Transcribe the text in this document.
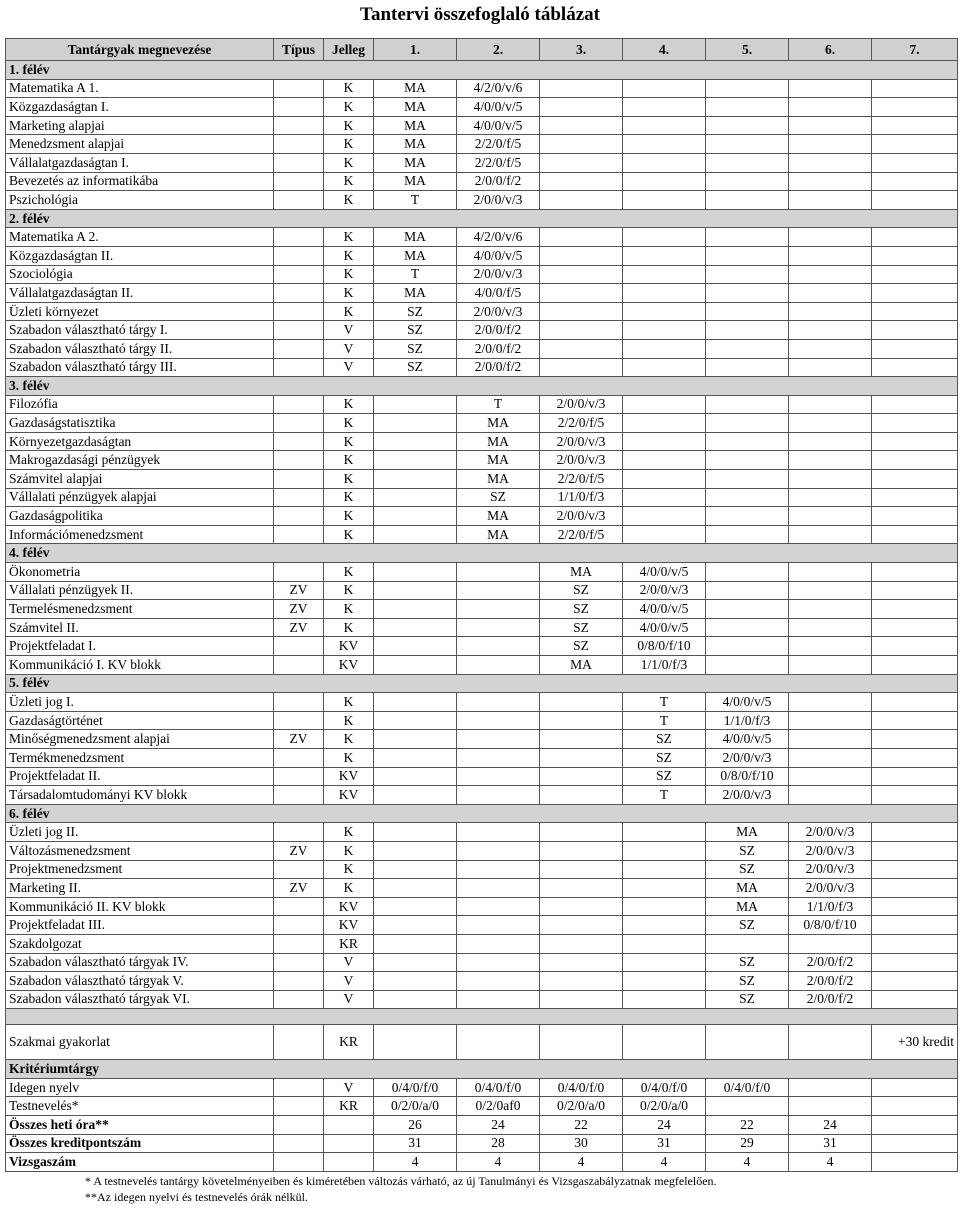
Tantervi összefoglaló táblázat
Tantárgyak megnevezése	Típus	Jelleg	1.	2.	3.	4.	5.	6.	7.
1. félév									
Matematika A 1.		K	MA	4/2/0/v/6					
Közgazdaságtan I.		K	MA	4/0/0/v/5					
Marketing alapjai		K	MA	4/0/0/v/5					
Menedzsment alapjai		K	MA	2/2/0/f/5					
Vállalatgazdaságtan I.		K	MA	2/2/0/f/5					
Bevezetés az informatikába		K	MA	2/0/0/f/2					
Pszichológia		K	T	2/0/0/v/3					
2. félév									
Matematika A 2.		K	MA	4/2/0/v/6					
Közgazdaságtan II.		K	MA	4/0/0/v/5					
Szociológia		K	T	2/0/0/v/3					
Vállalatgazdaságtan II.		K	MA	4/0/0/f/5					
Üzleti környezet		K	SZ	2/0/0/v/3					
Szabadon választható tárgy I.		V	SZ	2/0/0/f/2					
Szabadon választható tárgy II.		V	SZ	2/0/0/f/2					
Szabadon választható tárgy III.		V	SZ	2/0/0/f/2					
3. félév									
Filozófia		K		T	2/0/0/v/3				
Gazdaságstatisztika		K		MA	2/2/0/f/5				
Környezetgazdaságtan		K		MA	2/0/0/v/3				
Makrogazdasági pénzügyek		K		MA	2/0/0/v/3				
Számvitel alapjai		K		MA	2/2/0/f/5				
Vállalati pénzügyek alapjai		K		SZ	1/1/0/f/3				
Gazdaságpolitika		K		MA	2/0/0/v/3				
Információmenedzsment		K		MA	2/2/0/f/5				
4. félév									
Ökonometria		K			MA	4/0/0/v/5			
Vállalati pénzügyek II.	ZV	K			SZ	2/0/0/v/3			
Termelésmenedzsment	ZV	K			SZ	4/0/0/v/5			
Számvitel II.	ZV	K			SZ	4/0/0/v/5			
Projektfeladat I.		KV			SZ	0/8/0/f/10			
Kommunikáció I. KV blokk		KV			MA	1/1/0/f/3			
5. félév									
Üzleti jog I.		K				T	4/0/0/v/5		
Gazdaságtörténet		K				T	1/1/0/f/3		
Minőségmenedzsment alapjai	ZV	K				SZ	4/0/0/v/5		
Termékmenedzsment		K				SZ	2/0/0/v/3		
Projektfeladat II.		KV				SZ	0/8/0/f/10		
Társadalomtudományi KV blokk		KV				T	2/0/0/v/3		
6. félév									
Üzleti jog II.		K					MA	2/0/0/v/3	
Változásmenedzsment	ZV	K					SZ	2/0/0/v/3	
Projektmenedzsment		K					SZ	2/0/0/v/3	
Marketing II.	ZV	K					MA	2/0/0/v/3	
Kommunikáció II. KV blokk		KV					MA	1/1/0/f/3	
Projektfeladat III.		KV					SZ	0/8/0/f/10	
Szakdolgozat		KR							
Szabadon választható tárgyak IV.		V					SZ	2/0/0/f/2	
Szabadon választható tárgyak V.		V					SZ	2/0/0/f/2	
Szabadon választható tárgyak VI.		V					SZ	2/0/0/f/2	

Szakmai gyakorlat		KR							+30 kredit
Kritériumtárgy									
Idegen nyelv		V	0/4/0/f/0	0/4/0/f/0	0/4/0/f/0	0/4/0/f/0	0/4/0/f/0		
Testnevelés*		KR	0/2/0/a/0	0/2/0af0	0/2/0/a/0	0/2/0/a/0			
Összes heti óra**			26	24	22	24	22	24	
Összes kreditpontszám			31	28	30	31	29	31	
Vizsgaszám			4	4	4	4	4	4	
* A testnevelés tantárgy követelményeiben és kiméretében változás várható, az új Tanulmányi és Vizsgaszabályzatnak megfelelően.
**Az idegen nyelvi és testnevelés órák nélkül.
